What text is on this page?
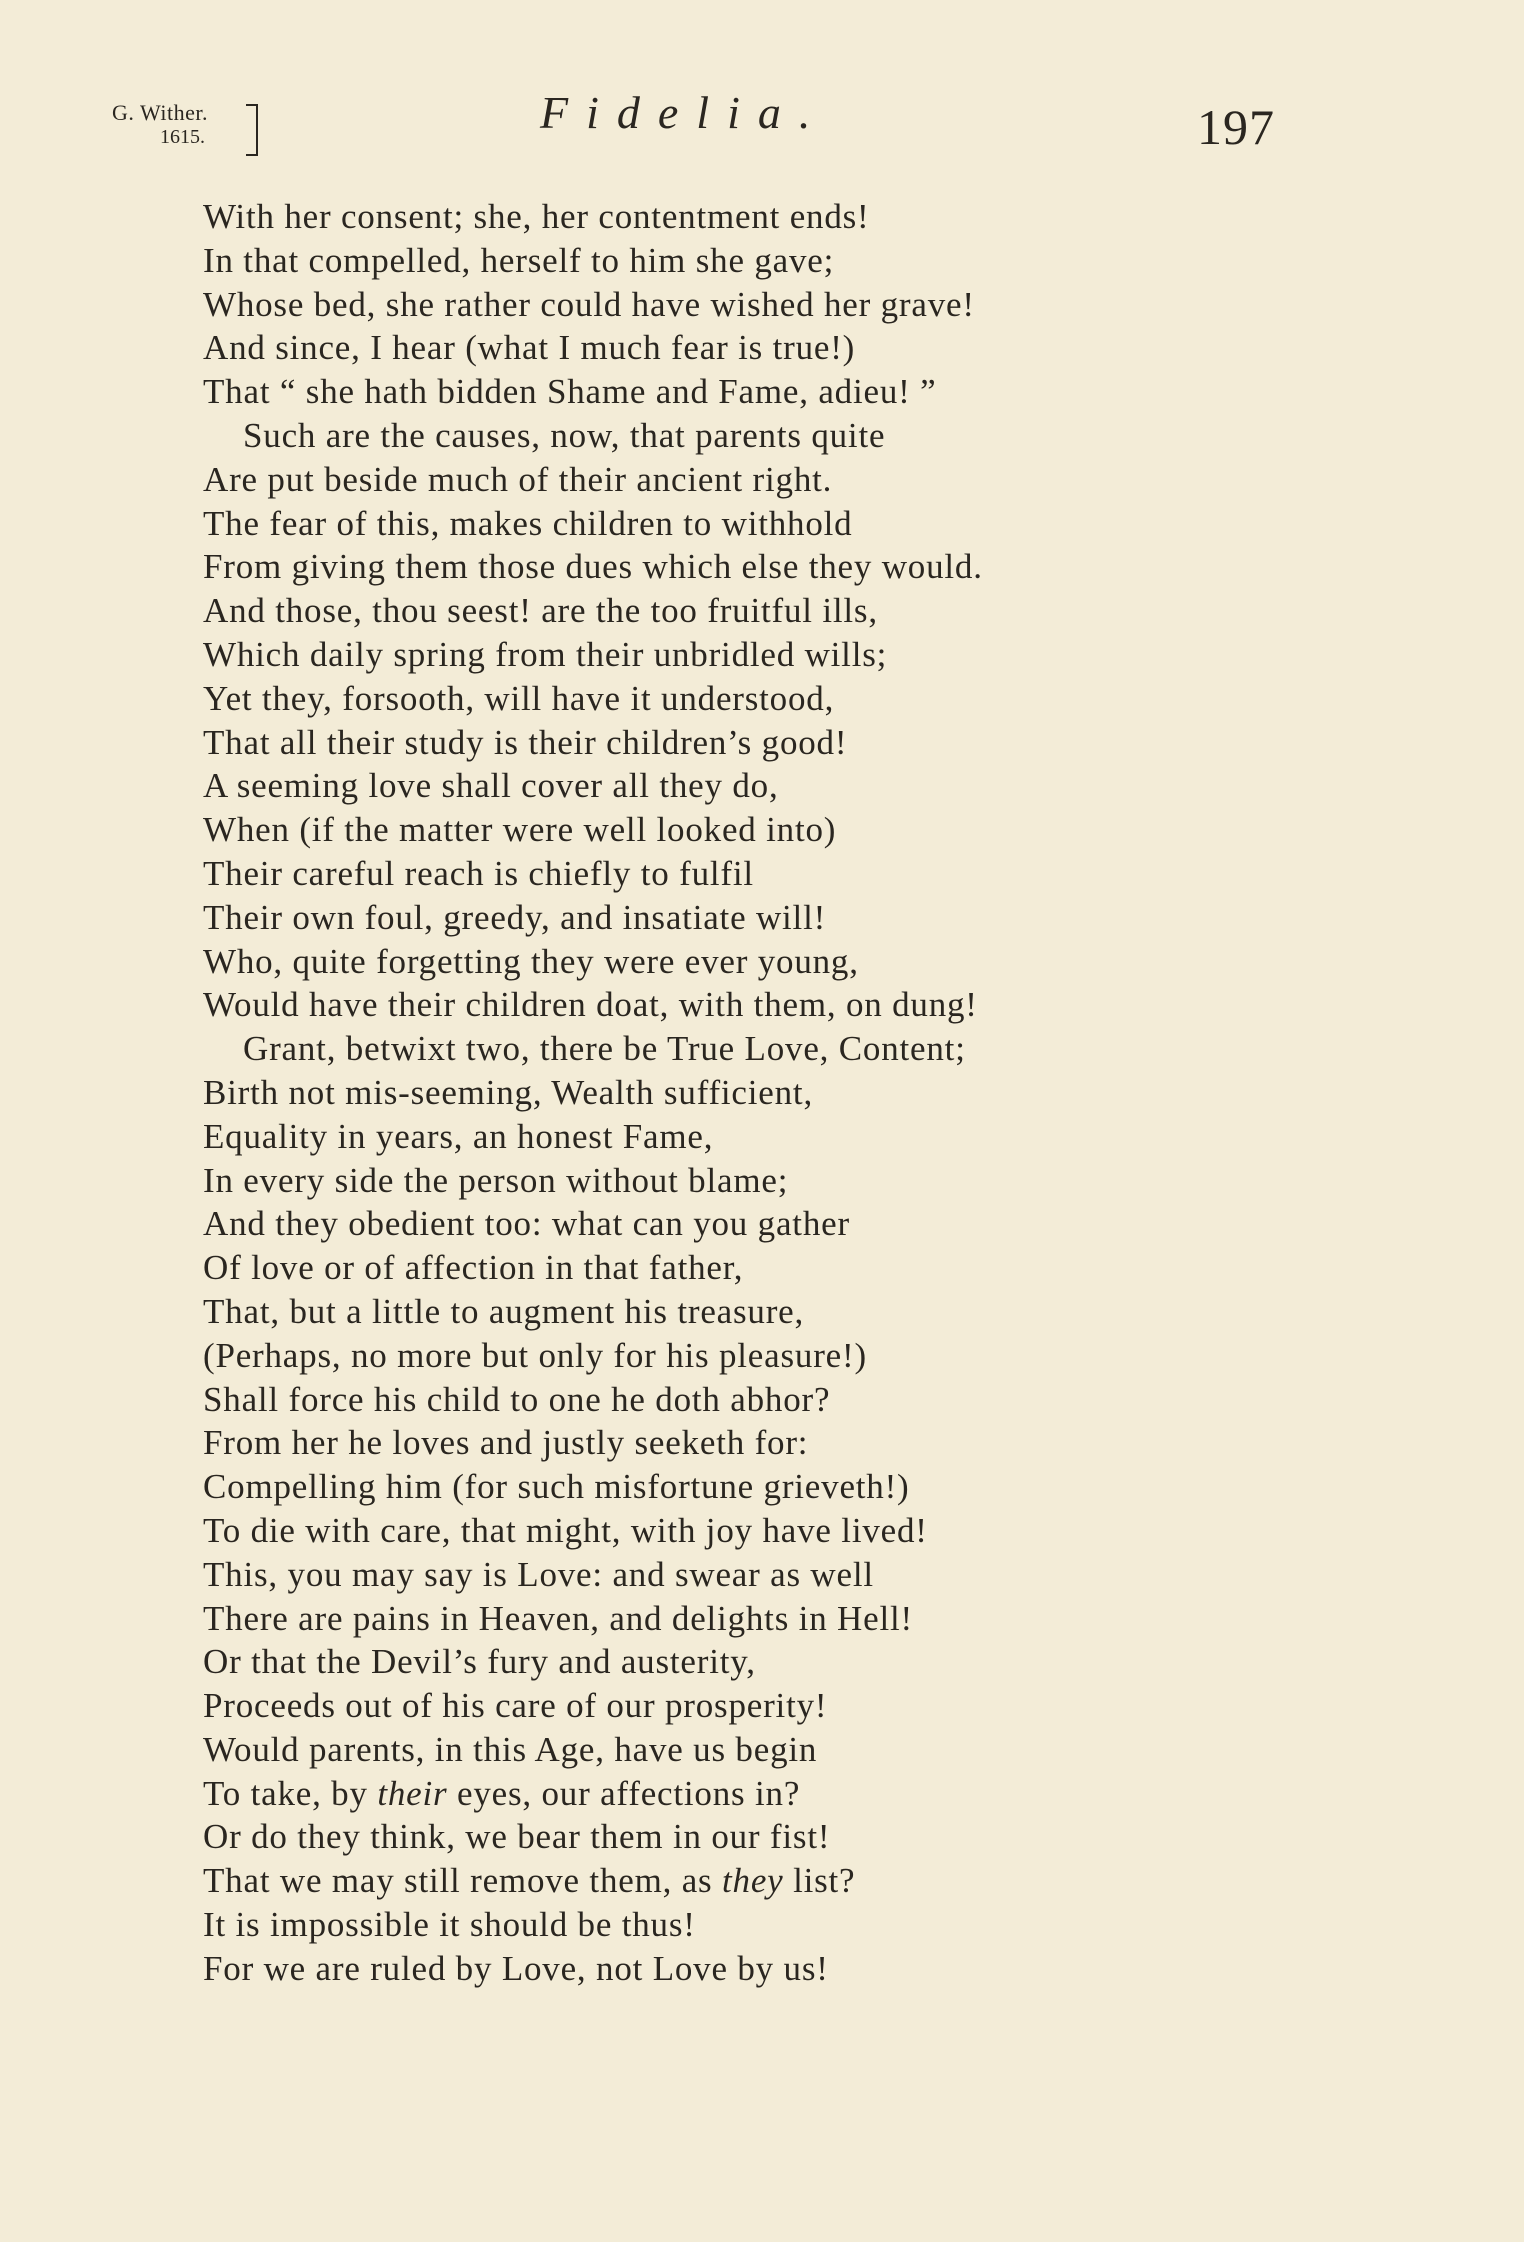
G. Wither.
1615.	Fidelia.	197
With her consent; she, her contentment ends!
In that compelled, herself to him she gave;
Whose bed, she rather could have wished her grave!
And since, I hear (what I much fear is true!)
That “ she hath bidden Shame and Fame, adieu! ”
Such are the causes, now, that parents quite
Are put beside much of their ancient right.
The fear of this, makes children to withhold
From giving them those dues which else they would.
And those, thou seest! are the too fruitful ills,
Which daily spring from their unbridled wills;
Yet they, forsooth, will have it understood,
That all their study is their children’s good!
A seeming love shall cover all they do,
When (if the matter were well looked into)
Their careful reach is chiefly to fulfil
Their own foul, greedy, and insatiate will!
Who, quite forgetting they were ever young,
Would have their children doat, with them, on dung!
Grant, betwixt two, there be True Love, Content;
Birth not mis-seeming, Wealth sufficient,
Equality in years, an honest Fame,
In every side the person without blame;
And they obedient too: what can you gather
Of love or of affection in that father,
That, but a little to augment his treasure,
(Perhaps, no more but only for his pleasure!)
Shall force his child to one he doth abhor?
From her he loves and justly seeketh for:
Compelling him (for such misfortune grieveth!)
To die with care, that might, with joy have lived!
This, you may say is Love: and swear as well
There are pains in Heaven, and delights in Hell!
Or that the Devil’s fury and austerity,
Proceeds out of his care of our prosperity!
Would parents, in this Age, have us begin
To take, by their eyes, our affections in?
Or do they think, we bear them in our fist!
That we may still remove them, as they list?
It is impossible it should be thus!
For we are ruled by Love, not Love by us!
